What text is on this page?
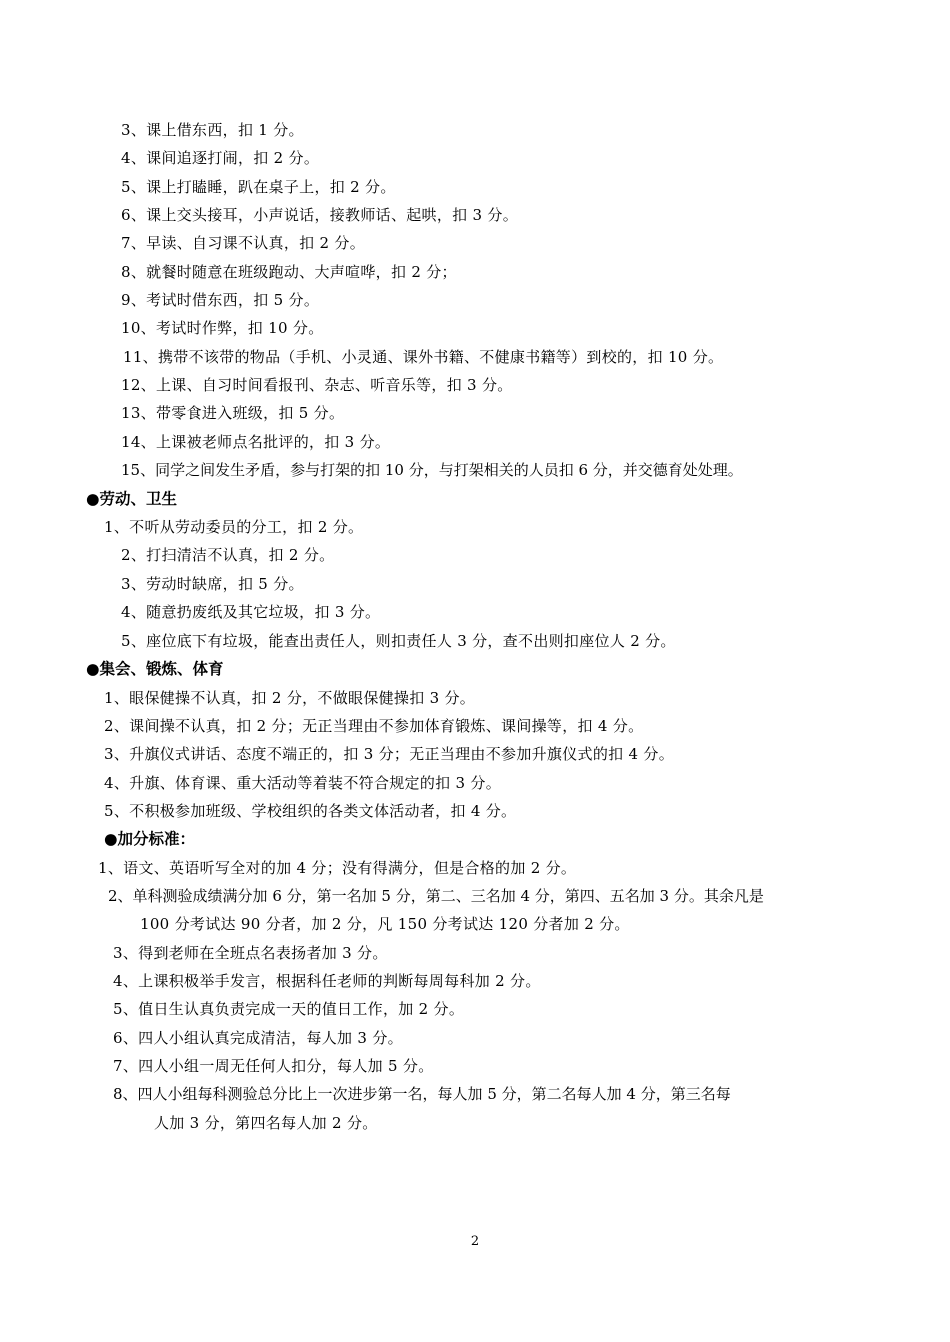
3、课上借东西，扣 1 分。
4、课间追逐打闹，扣 2 分。
5、课上打瞌睡，趴在桌子上，扣 2 分。
6、课上交头接耳，小声说话，接教师话、起哄，扣 3 分。
7、早读、自习课不认真，扣 2 分。
8、就餐时随意在班级跑动、大声喧哗，扣 2 分；
9、考试时借东西，扣 5 分。
10、考试时作弊，扣 10 分。
11、携带不该带的物品（手机、小灵通、课外书籍、不健康书籍等）到校的，扣 10 分。
12、上课、自习时间看报刊、杂志、听音乐等，扣 3 分。
13、带零食进入班级，扣 5 分。
14、上课被老师点名批评的，扣 3 分。
15、同学之间发生矛盾，参与打架的扣 10 分，与打架相关的人员扣 6 分，并交德育处处理。
●劳动、卫生
1、不听从劳动委员的分工，扣 2 分。
2、打扫清洁不认真，扣 2 分。
3、劳动时缺席，扣 5 分。
4、随意扔废纸及其它垃圾，扣 3 分。
5、座位底下有垃圾，能查出责任人，则扣责任人 3 分，查不出则扣座位人 2 分。
●集会、锻炼、体育
1、眼保健操不认真，扣 2 分，不做眼保健操扣 3 分。
2、课间操不认真，扣 2 分；无正当理由不参加体育锻炼、课间操等，扣 4 分。
3、升旗仪式讲话、态度不端正的，扣 3 分；无正当理由不参加升旗仪式的扣 4 分。
4、升旗、体育课、重大活动等着装不符合规定的扣 3 分。
5、不积极参加班级、学校组织的各类文体活动者，扣 4 分。
●加分标准：
1、语文、英语听写全对的加 4 分；没有得满分，但是合格的加 2 分。
2、单科测验成绩满分加 6 分，第一名加 5 分，第二、三名加 4 分，第四、五名加 3 分。其余凡是
100 分考试达 90 分者，加 2 分，凡 150 分考试达 120 分者加 2 分。
3、得到老师在全班点名表扬者加 3 分。
4、上课积极举手发言，根据科任老师的判断每周每科加 2 分。
5、值日生认真负责完成一天的值日工作，加 2 分。
6、四人小组认真完成清洁，每人加 3 分。
7、四人小组一周无任何人扣分，每人加 5 分。
8、四人小组每科测验总分比上一次进步第一名，每人加 5 分，第二名每人加 4 分，第三名每
人加 3 分，第四名每人加 2 分。
2
